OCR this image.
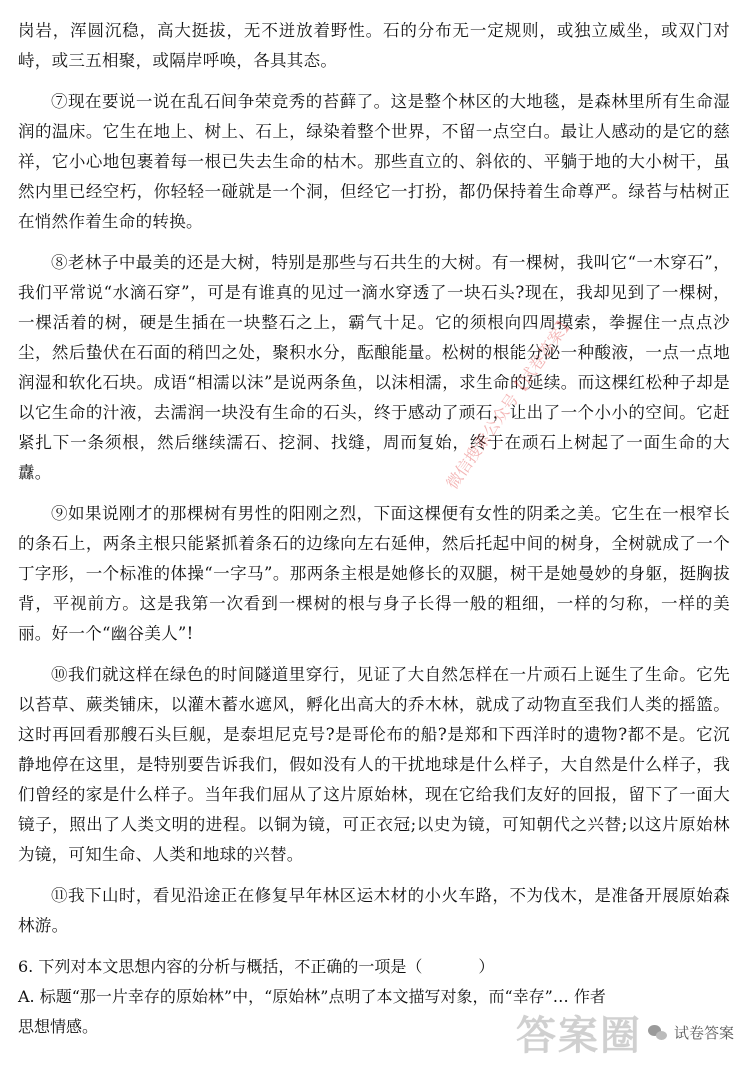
岗岩，浑圆沉稳，高大挺拔，无不迸放着野性。石的分布无一定规则，或独立威坐，或双门对峙，或三五相聚，或隔岸呼唤，各具其态。

⑦现在要说一说在乱石间争荣竞秀的苔藓了。这是整个林区的大地毯，是森林里所有生命湿润的温床。它生在地上、树上、石上，绿染着整个世界，不留一点空白。最让人感动的是它的慈祥，它小心地包裹着每一根已失去生命的枯木。那些直立的、斜依的、平躺于地的大小树干，虽然内里已经空朽，你轻轻一碰就是一个洞，但经它一打扮，都仍保持着生命尊严。绿苔与枯树正在悄然作着生命的转换。

⑧老林子中最美的还是大树，特别是那些与石共生的大树。有一棵树，我叫它“一木穿石”，我们平常说“水滴石穿”，可是有谁真的见过一滴水穿透了一块石头?现在，我却见到了一棵树，一棵活着的树，硬是生插在一块整石之上，霸气十足。它的须根向四周摸索，拳握住一点点沙尘，然后蛰伏在石面的稍凹之处，聚积水分，酝酿能量。松树的根能分泌一种酸液，一点一点地润湿和软化石块。成语“相濡以沫”是说两条鱼，以沫相濡，求生命的延续。而这棵红松种子却是以它生命的汁液，去濡润一块没有生命的石头，终于感动了顽石，让出了一个小小的空间。它赶紧扎下一条须根，然后继续濡石、挖洞、找缝，周而复始，终于在顽石上树起了一面生命的大纛。

⑨如果说刚才的那棵树有男性的阳刚之烈，下面这棵便有女性的阴柔之美。它生在一根窄长的条石上，两条主根只能紧抓着条石的边缘向左右延伸，然后托起中间的树身，全树就成了一个丁字形，一个标准的体操“一字马”。那两条主根是她修长的双腿，树干是她曼妙的身躯，挺胸拔背，平视前方。这是我第一次看到一棵树的根与身子长得一般的粗细，一样的匀称，一样的美丽。好一个“幽谷美人”!

⑩我们就这样在绿色的时间隧道里穿行，见证了大自然怎样在一片顽石上诞生了生命。它先以苔草、蕨类铺床，以灌木蓄水遮风，孵化出高大的乔木林，就成了动物直至我们人类的摇篮。这时再回看那艘石头巨舰，是泰坦尼克号?是哥伦布的船?是郑和下西洋时的遗物?都不是。它沉静地停在这里，是特别要告诉我们，假如没有人的干扰地球是什么样子，大自然是什么样子，我们曾经的家是什么样子。当年我们屈从了这片原始林，现在它给我们友好的回报，留下了一面大镜子，照出了人类文明的进程。以铜为镜，可正衣冠;以史为镜，可知朝代之兴替;以这片原始林为镜，可知生命、人类和地球的兴替。

⑪我下山时，看见沿途正在修复早年林区运木材的小火车路，不为伐木，是准备开展原始森林游。

6. 下列对本文思想内容的分析与概括，不正确的一项是（	）
A. 标题“那一片幸存的原始林”中，“原始林”点明了本文描写对象，而“幸存”… 作者
思想情感。
微信搜索公众号【试卷答案】
答案圈 试卷答案
